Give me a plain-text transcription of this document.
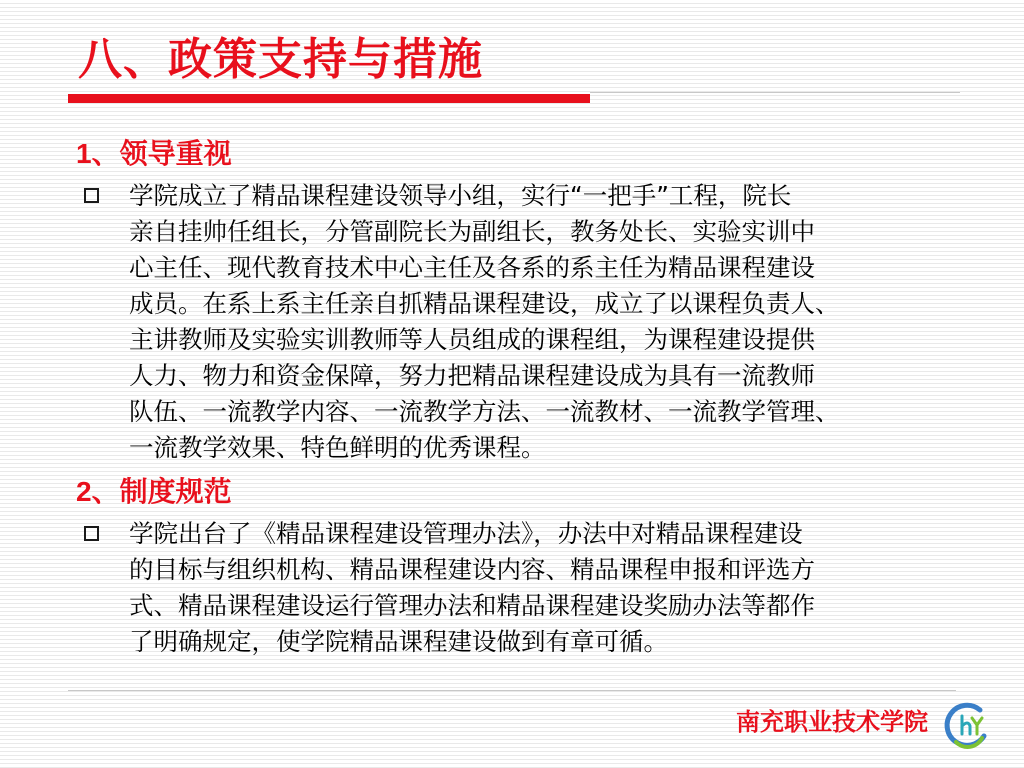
八、政策支持与措施
1、领导重视
学院成立了精品课程建设领导小组，实行“一把手”工程，院长
亲自挂帅任组长，分管副院长为副组长，教务处长、实验实训中
心主任、现代教育技术中心主任及各系的系主任为精品课程建设
成员。在系上系主任亲自抓精品课程建设，成立了以课程负责人、
主讲教师及实验实训教师等人员组成的课程组，为课程建设提供
人力、物力和资金保障，努力把精品课程建设成为具有一流教师
队伍、一流教学内容、一流教学方法、一流教材、一流教学管理、
一流教学效果、特色鲜明的优秀课程。
2、制度规范
学院出台了《精品课程建设管理办法》，办法中对精品课程建设
的目标与组织机构、精品课程建设内容、精品课程申报和评选方
式、精品课程建设运行管理办法和精品课程建设奖励办法等都作
了明确规定，使学院精品课程建设做到有章可循。
南充职业技术学院
